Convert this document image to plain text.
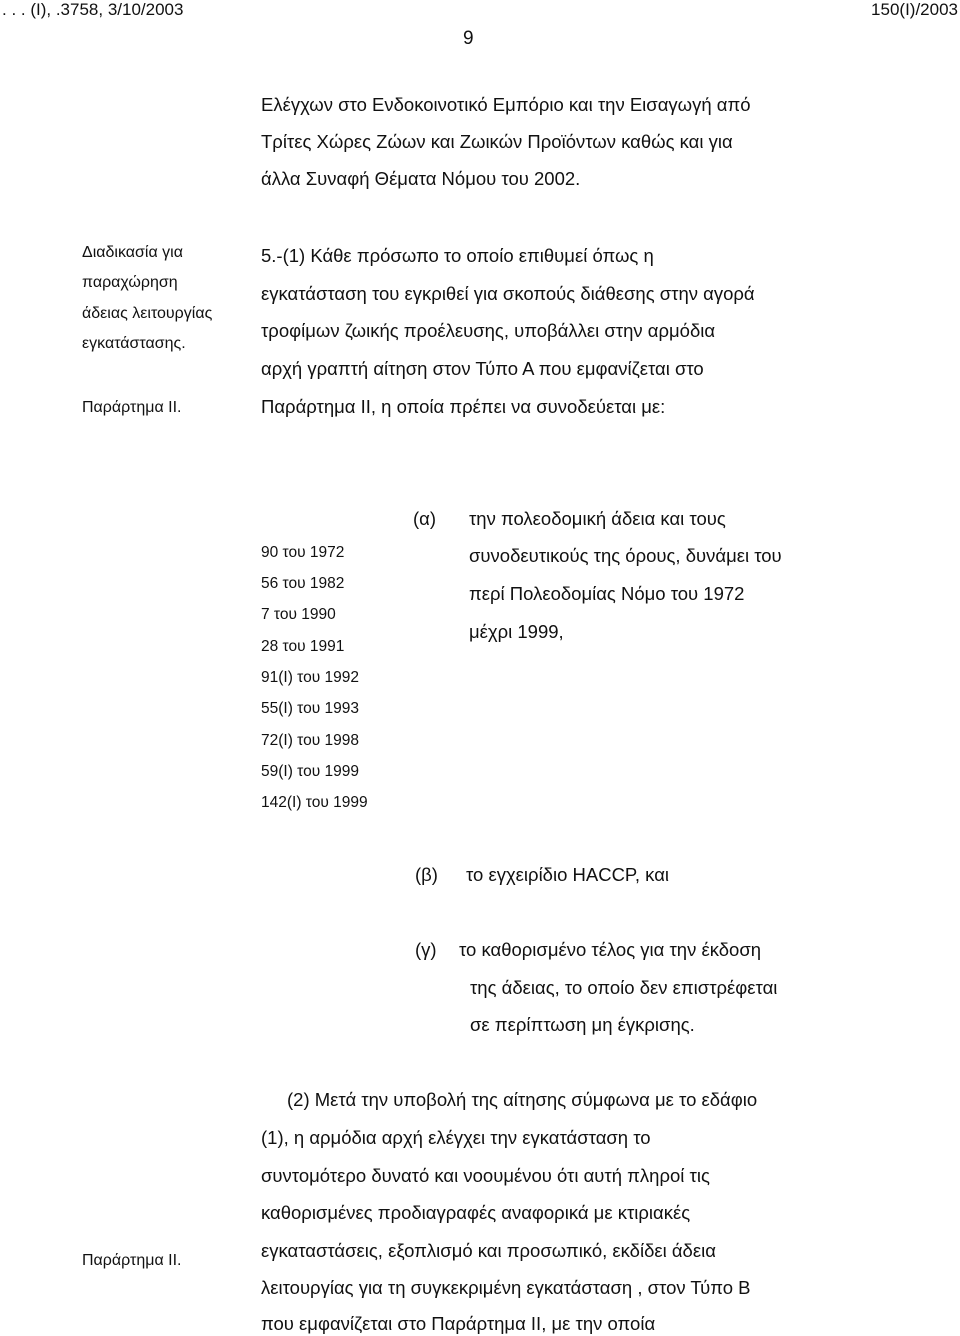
. . . (Ι), .3758, 3/10/2003	150(Ι)/2003
9
Ελέγχων στο Ενδοκοινοτικό Εμπόριο και την Εισαγωγή από
Τρίτες Χώρες Ζώων και Ζωικών Προϊόντων καθώς και για
άλλα Συναφή Θέματα Νόμου του 2002.
Διαδικασία για
παραχώρηση
άδειας λειτουργίας
εγκατάστασης.
Παράρτημα ΙΙ.
5.-(1) Κάθε πρόσωπο το οποίο επιθυμεί όπως η
εγκατάσταση του εγκριθεί για σκοπούς διάθεσης στην αγορά
τροφίμων ζωικής προέλευσης, υποβάλλει στην αρμόδια
αρχή γραπτή αίτηση στον Τύπο Α που εμφανίζεται στο
Παράρτημα ΙΙ, η οποία πρέπει να συνοδεύεται με:
(α) την πολεοδομική άδεια και τους
συνοδευτικούς της όρους, δυνάμει του
περί Πολεοδομίας Νόμο του 1972
μέχρι 1999,
90 του 1972
56 του 1982
7 του 1990
28 του 1991
91(Ι) του 1992
55(Ι) του 1993
72(Ι) του 1998
59(Ι) του 1999
142(Ι) του 1999
(β) το εγχειρίδιο HACCP, και
(γ) το καθορισμένο τέλος για την έκδοση
της άδειας, το οποίο δεν επιστρέφεται
σε περίπτωση μη έγκρισης.
Παράρτημα ΙΙ.
(2) Μετά την υποβολή της αίτησης σύμφωνα με το εδάφιο
(1), η αρμόδια αρχή ελέγχει την εγκατάσταση το
συντομότερο δυνατό και νοουμένου ότι αυτή πληροί τις
καθορισμένες προδιαγραφές αναφορικά με κτιριακές
εγκαταστάσεις, εξοπλισμό και προσωπικό, εκδίδει άδεια
λειτουργίας για τη συγκεκριμένη εγκατάσταση , στον Τύπο Β
που εμφανίζεται στο Παράρτημα ΙΙ, με την οποία
